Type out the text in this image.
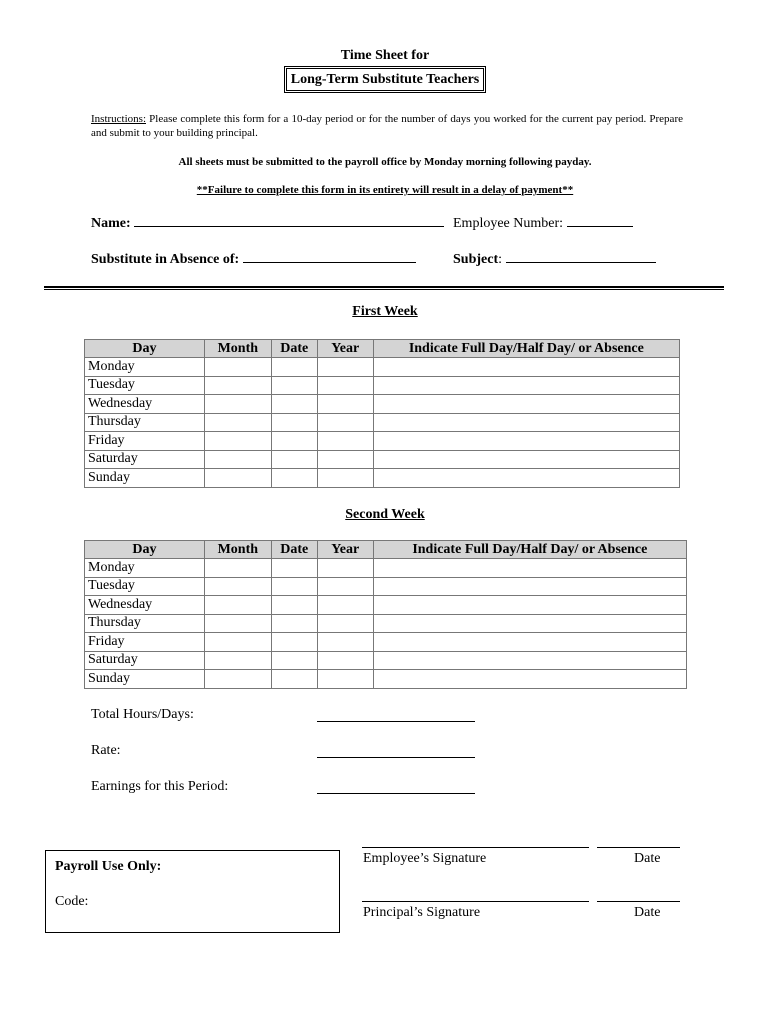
Time Sheet for
Long-Term Substitute Teachers
Instructions: Please complete this form for a 10-day period or for the number of days you worked for the current pay period. Prepare and submit to your building principal.
All sheets must be submitted to the payroll office by Monday morning following payday.
**Failure to complete this form in its entirety will result in a delay of payment**
Name:	Employee Number:
Substitute in Absence of:	Subject:
First Week
Day	Month	Date	Year	Indicate Full Day/Half Day/ or Absence
Monday				
Tuesday				
Wednesday				
Thursday				
Friday				
Saturday				
Sunday				
Second Week
Day	Month	Date	Year	Indicate Full Day/Half Day/ or Absence
Monday				
Tuesday				
Wednesday				
Thursday				
Friday				
Saturday				
Sunday				
Total Hours/Days:
Rate:
Earnings for this Period:
Payroll Use Only:
Code:
Employee’s Signature	Date
Principal’s Signature	Date
